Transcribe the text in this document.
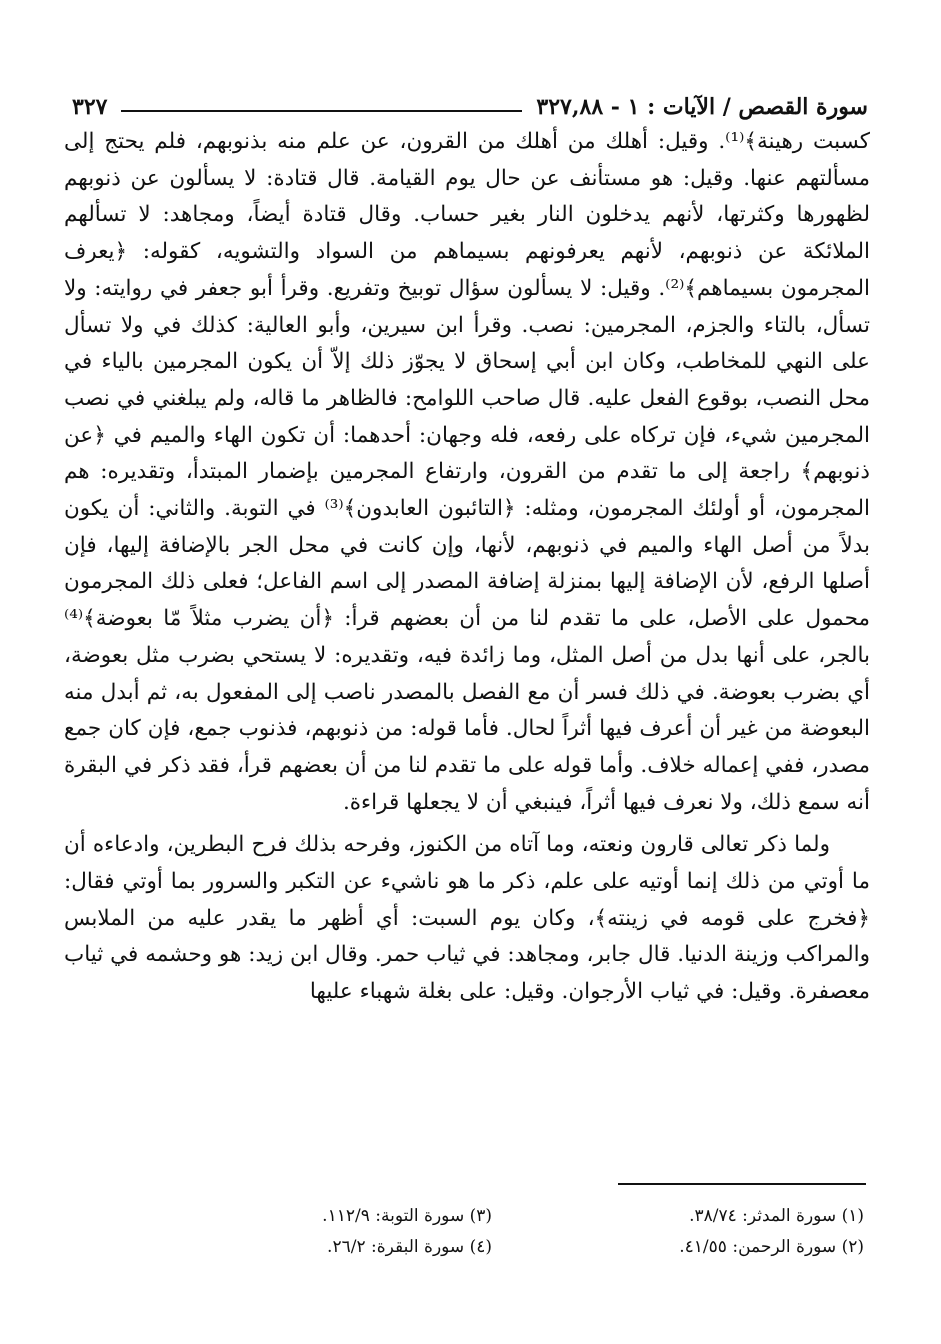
سورة القصص / الآيات : ١ - ٣٢٧,٨٨
٣٢٧

كسبت رهينة﴾⁽¹⁾. وقيل: أهلك من أهلك من القرون، عن علم منه بذنوبهم، فلم يحتج إلى مسألتهم عنها. وقيل: هو مستأنف عن حال يوم القيامة. قال قتادة: لا يسألون عن ذنوبهم لظهورها وكثرتها، لأنهم يدخلون النار بغير حساب. وقال قتادة أيضاً، ومجاهد: لا تسألهم الملائكة عن ذنوبهم، لأنهم يعرفونهم بسيماهم من السواد والتشويه، كقوله: ﴿يعرف المجرمون بسيماهم﴾⁽²⁾. وقيل: لا يسألون سؤال توبيخ وتفريع. وقرأ أبو جعفر في روايته: ولا تسأل، بالتاء والجزم، المجرمين: نصب. وقرأ ابن سيرين، وأبو العالية: كذلك في ولا تسأل على النهي للمخاطب، وكان ابن أبي إسحاق لا يجوّز ذلك إلاّ أن يكون المجرمين بالياء في محل النصب، بوقوع الفعل عليه. قال صاحب اللوامح: فالظاهر ما قاله، ولم يبلغني في نصب المجرمين شيء، فإن تركاه على رفعه، فله وجهان: أحدهما: أن تكون الهاء والميم في ﴿عن ذنوبهم﴾ راجعة إلى ما تقدم من القرون، وارتفاع المجرمين بإضمار المبتدأ، وتقديره: هم المجرمون، أو أولئك المجرمون، ومثله: ﴿التائبون العابدون﴾⁽³⁾ في التوبة. والثاني: أن يكون بدلاً من أصل الهاء والميم في ذنوبهم، لأنها، وإن كانت في محل الجر بالإضافة إليها، فإن أصلها الرفع، لأن الإضافة إليها بمنزلة إضافة المصدر إلى اسم الفاعل؛ فعلى ذلك المجرمون محمول على الأصل، على ما تقدم لنا من أن بعضهم قرأ: ﴿أن يضرب مثلاً مّا بعوضة﴾⁽⁴⁾ بالجر، على أنها بدل من أصل المثل، وما زائدة فيه، وتقديره: لا يستحي بضرب مثل بعوضة، أي بضرب بعوضة. في ذلك فسر أن مع الفصل بالمصدر ناصب إلى المفعول به، ثم أبدل منه البعوضة من غير أن أعرف فيها أثراً لحال. فأما قوله: من ذنوبهم، فذنوب جمع، فإن كان جمع مصدر، ففي إعماله خلاف. وأما قوله على ما تقدم لنا من أن بعضهم قرأ، فقد ذكر في البقرة أنه سمع ذلك، ولا نعرف فيها أثراً، فينبغي أن لا يجعلها قراءة.

ولما ذكر تعالى قارون ونعته، وما آتاه من الكنوز، وفرحه بذلك فرح البطرين، وادعاءه أن ما أوتي من ذلك إنما أوتيه على علم، ذكر ما هو ناشيء عن التكبر والسرور بما أوتي فقال: ﴿فخرج على قومه في زينته﴾، وكان يوم السبت: أي أظهر ما يقدر عليه من الملابس والمراكب وزينة الدنيا. قال جابر، ومجاهد: في ثياب حمر. وقال ابن زيد: هو وحشمه في ثياب معصفرة. وقيل: في ثياب الأرجوان. وقيل: على بغلة شهباء عليها

(١) سورة المدثر: ٣٨/٧٤.
(٣) سورة التوبة: ١١٢/٩.
(٢) سورة الرحمن: ٤١/٥٥.
(٤) سورة البقرة: ٢٦/٢.
